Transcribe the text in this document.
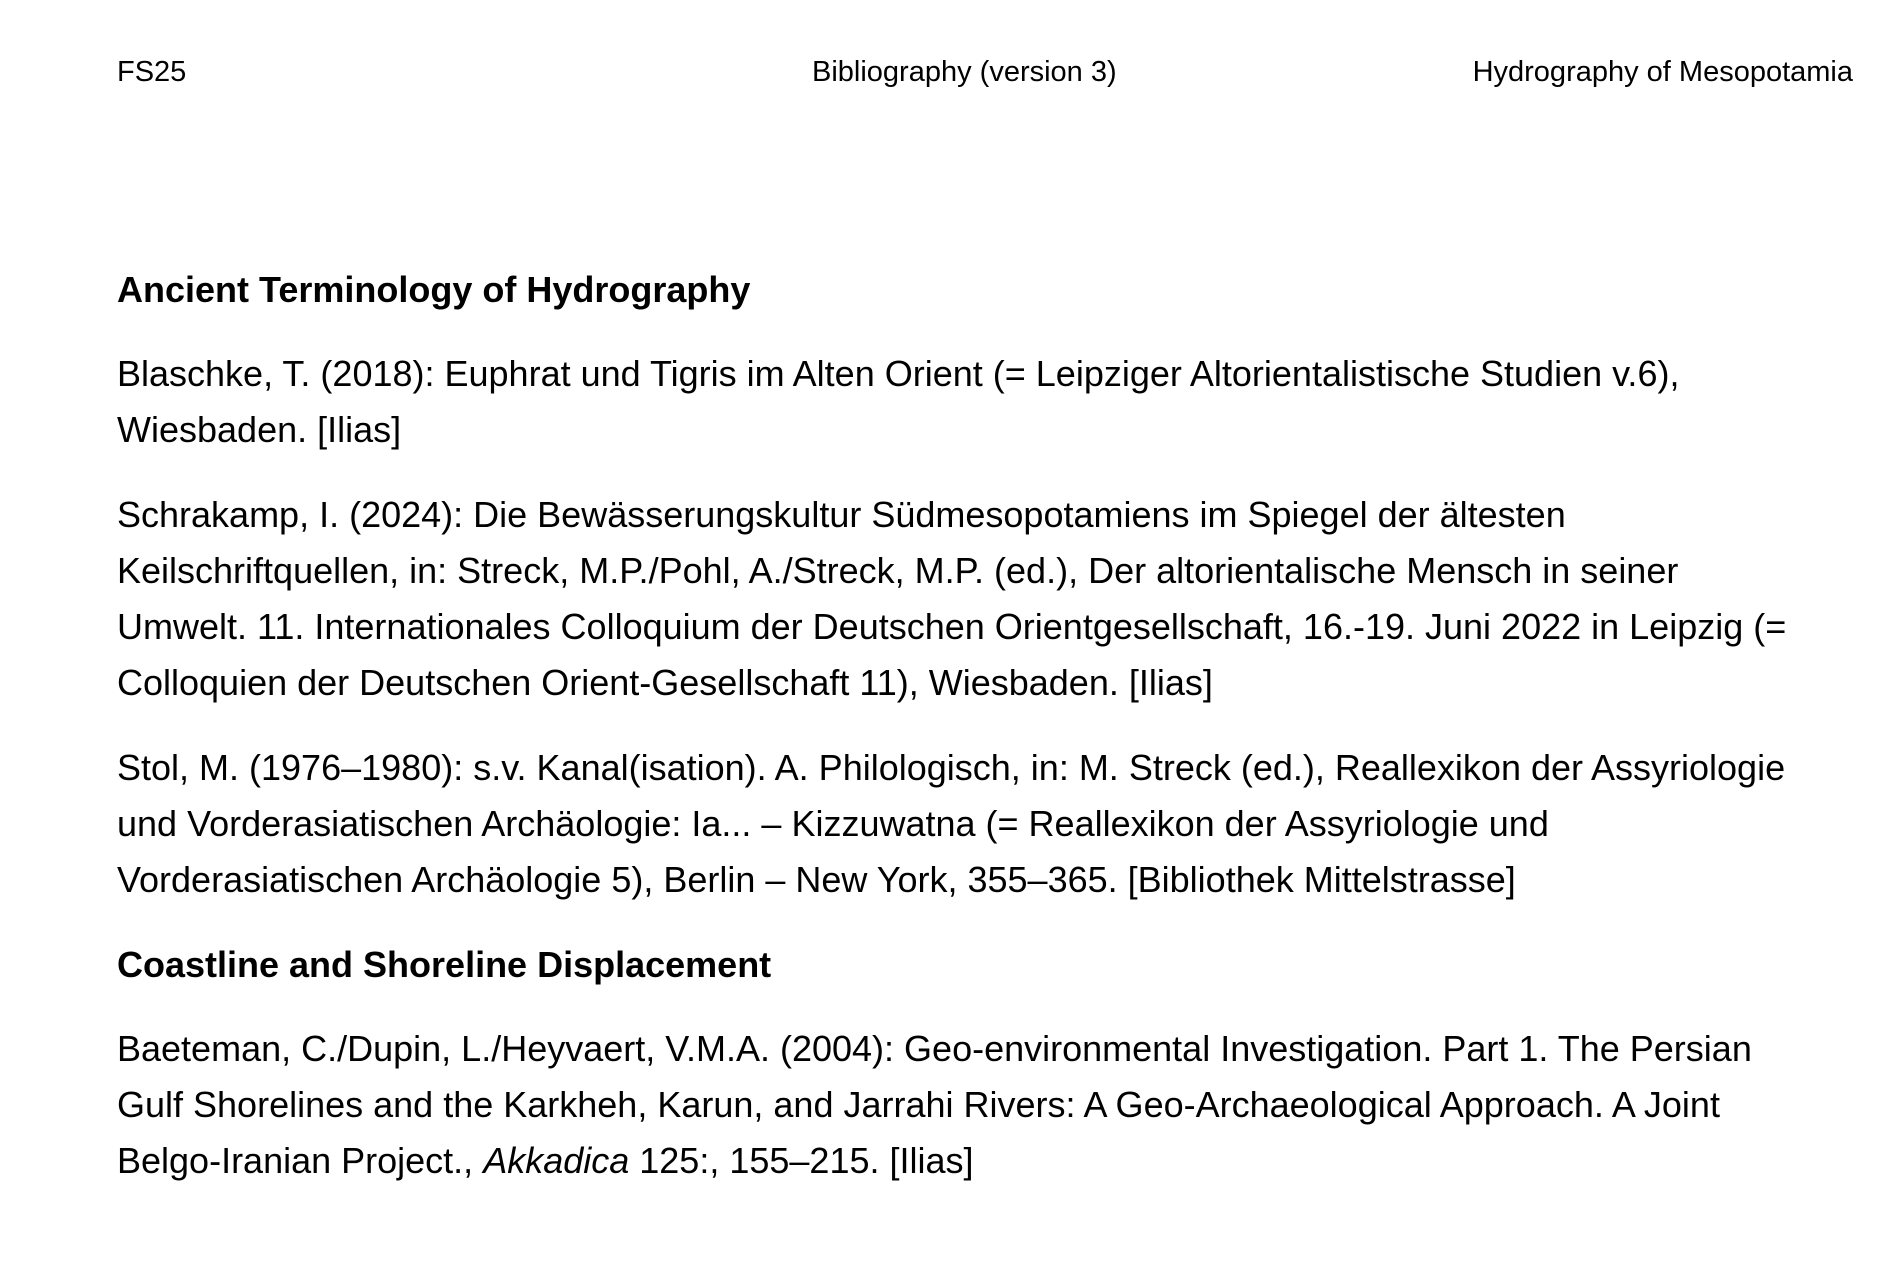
FS25	Bibliography (version 3)	Hydrography of Mesopotamia
Ancient Terminology of Hydrography

Blaschke, T. (2018): Euphrat und Tigris im Alten Orient (= Leipziger Altorientalistische Studien v.6), Wiesbaden. [Ilias]

Schrakamp, I. (2024): Die Bewässerungskultur Südmesopotamiens im Spiegel der ältesten Keilschriftquellen, in: Streck, M.P./Pohl, A./Streck, M.P. (ed.), Der altorientalische Mensch in seiner Umwelt. 11. Internationales Colloquium der Deutschen Orientgesellschaft, 16.-19. Juni 2022 in Leipzig (= Colloquien der Deutschen Orient-Gesellschaft 11), Wiesbaden. [Ilias]

Stol, M. (1976–1980): s.v. Kanal(isation). A. Philologisch, in: M. Streck (ed.), Reallexikon der Assyriologie und Vorderasiatischen Archäologie: Ia... – Kizzuwatna (= Reallexikon der Assyriologie und Vorderasiatischen Archäologie 5), Berlin – New York, 355–365. [Bibliothek Mittelstrasse]

Coastline and Shoreline Displacement

Baeteman, C./Dupin, L./Heyvaert, V.M.A. (2004): Geo-environmental Investigation. Part 1. The Persian Gulf Shorelines and the Karkheh, Karun, and Jarrahi Rivers: A Geo-Archaeological Approach. A Joint Belgo-Iranian Project., Akkadica 125:, 155–215. [Ilias]
